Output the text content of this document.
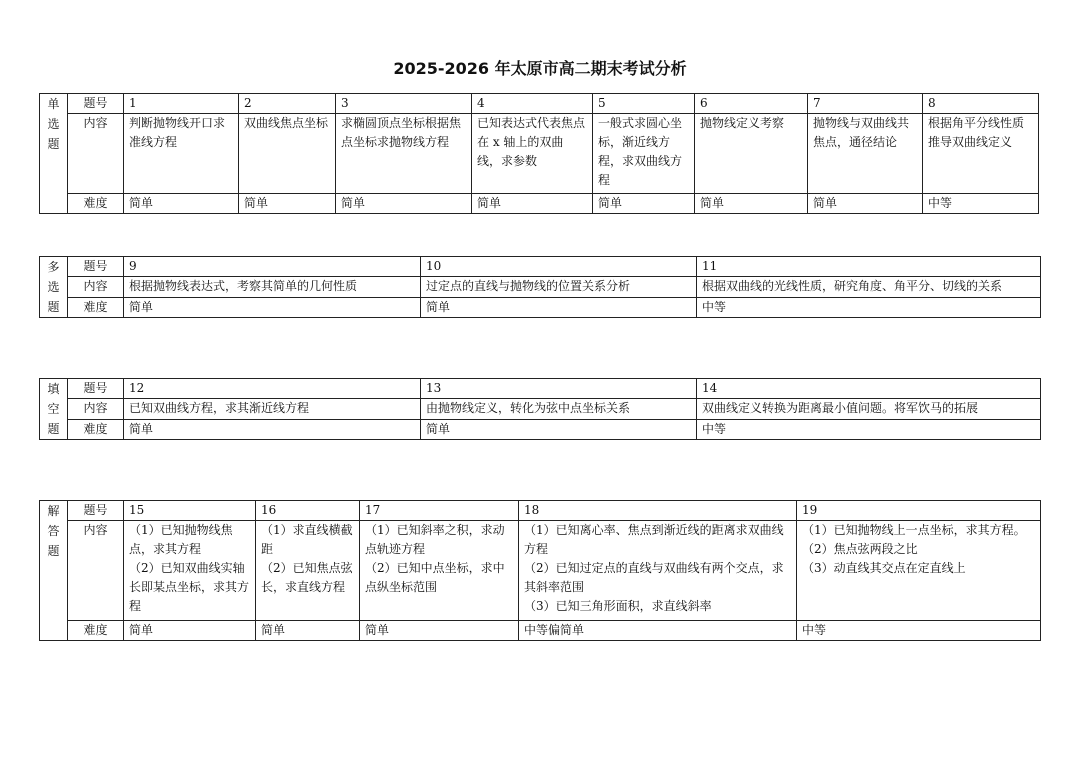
2025-2026 年太原市高二期末考试分析
单
选
题	题号	1	2	3	4	5	6	7	8
	内容	判断抛物线开口求准线方程	双曲线焦点坐标	求椭圆顶点坐标根据焦点坐标求抛物线方程	已知表达式代表焦点在 x 轴上的双曲线，求参数	一般式求圆心坐标，渐近线方程，求双曲线方程	抛物线定义考察	抛物线与双曲线共焦点，通径结论	根据角平分线性质推导双曲线定义
	难度	简单	简单	简单	简单	简单	简单	简单	中等
多
选
题	题号	9	10	11
	内容	根据抛物线表达式，考察其简单的几何性质	过定点的直线与抛物线的位置关系分析	根据双曲线的光线性质，研究角度、角平分、切线的关系
	难度	简单	简单	中等
填
空
题	题号	12	13	14
	内容	已知双曲线方程，求其渐近线方程	由抛物线定义，转化为弦中点坐标关系	双曲线定义转换为距离最小值问题。将军饮马的拓展
	难度	简单	简单	中等
解
答
题	题号	15	16	17	18	19
	内容	（1）已知抛物线焦点，求其方程
（2）已知双曲线实轴长即某点坐标，求其方程	（1）求直线横截距
（2）已知焦点弦长，求直线方程	（1）已知斜率之积，求动点轨迹方程
（2）已知中点坐标，求中点纵坐标范围	（1）已知离心率、焦点到渐近线的距离求双曲线方程
（2）已知过定点的直线与双曲线有两个交点，求其斜率范围
（3）已知三角形面积，求直线斜率	（1）已知抛物线上一点坐标，求其方程。
（2）焦点弦两段之比
（3）动直线其交点在定直线上

	难度	简单	简单	简单	中等偏简单	中等
